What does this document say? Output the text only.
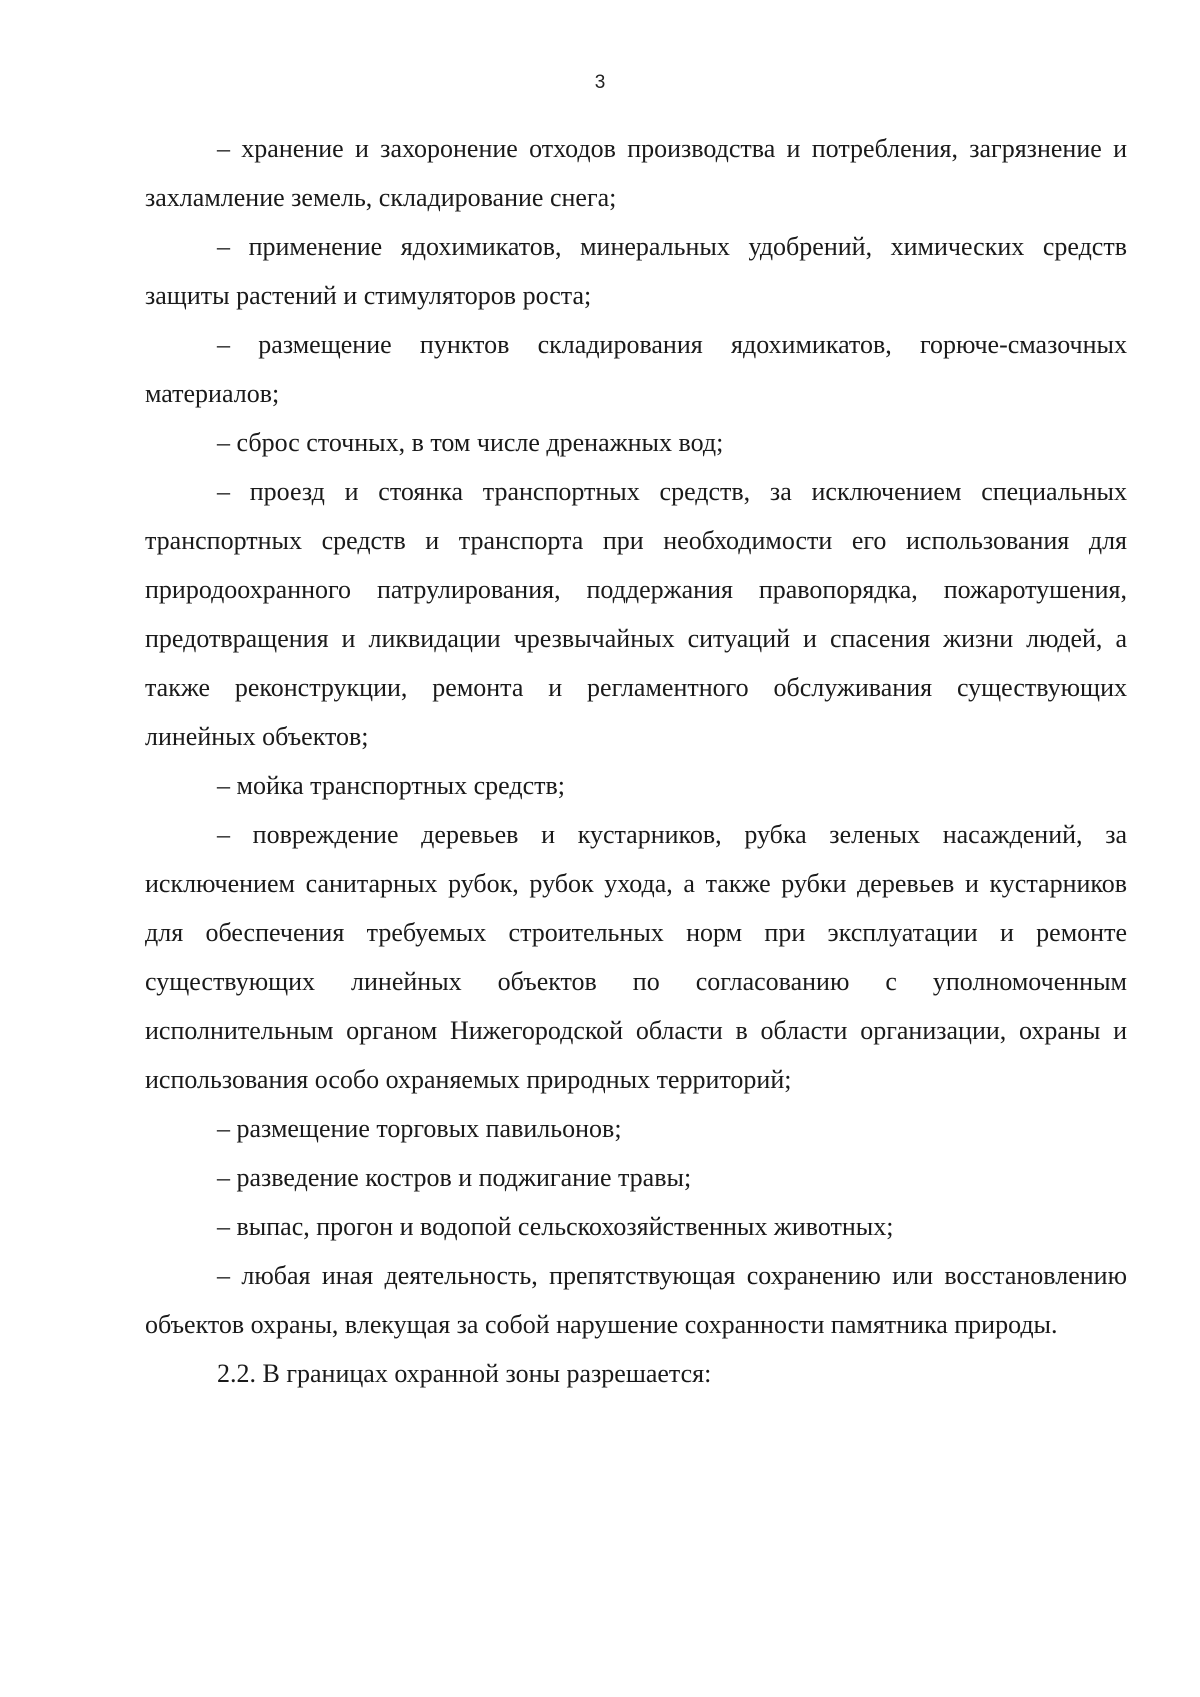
3

– хранение и захоронение отходов производства и потребления, загрязнение и захламление земель, складирование снега;

– применение ядохимикатов, минеральных удобрений, химических средств защиты растений и стимуляторов роста;

– размещение пунктов складирования ядохимикатов, горюче-смазочных материалов;

– сброс сточных, в том числе дренажных вод;

– проезд и стоянка транспортных средств, за исключением специальных транспортных средств и транспорта при необходимости его использования для природоохранного патрулирования, поддержания правопорядка, пожаротушения, предотвращения и ликвидации чрезвычайных ситуаций и спасения жизни людей, а также реконструкции, ремонта и регламентного обслуживания существующих линейных объектов;

– мойка транспортных средств;

– повреждение деревьев и кустарников, рубка зеленых насаждений, за исключением санитарных рубок, рубок ухода, а также рубки деревьев и кустарников для обеспечения требуемых строительных норм при эксплуатации и ремонте существующих линейных объектов по согласованию с уполномоченным исполнительным органом Нижегородской области в области организации, охраны и использования особо охраняемых природных территорий;

– размещение торговых павильонов;

– разведение костров и поджигание травы;

– выпас, прогон и водопой сельскохозяйственных животных;

– любая иная деятельность, препятствующая сохранению или восстановлению объектов охраны, влекущая за собой нарушение сохранности памятника природы.

2.2. В границах охранной зоны разрешается:
